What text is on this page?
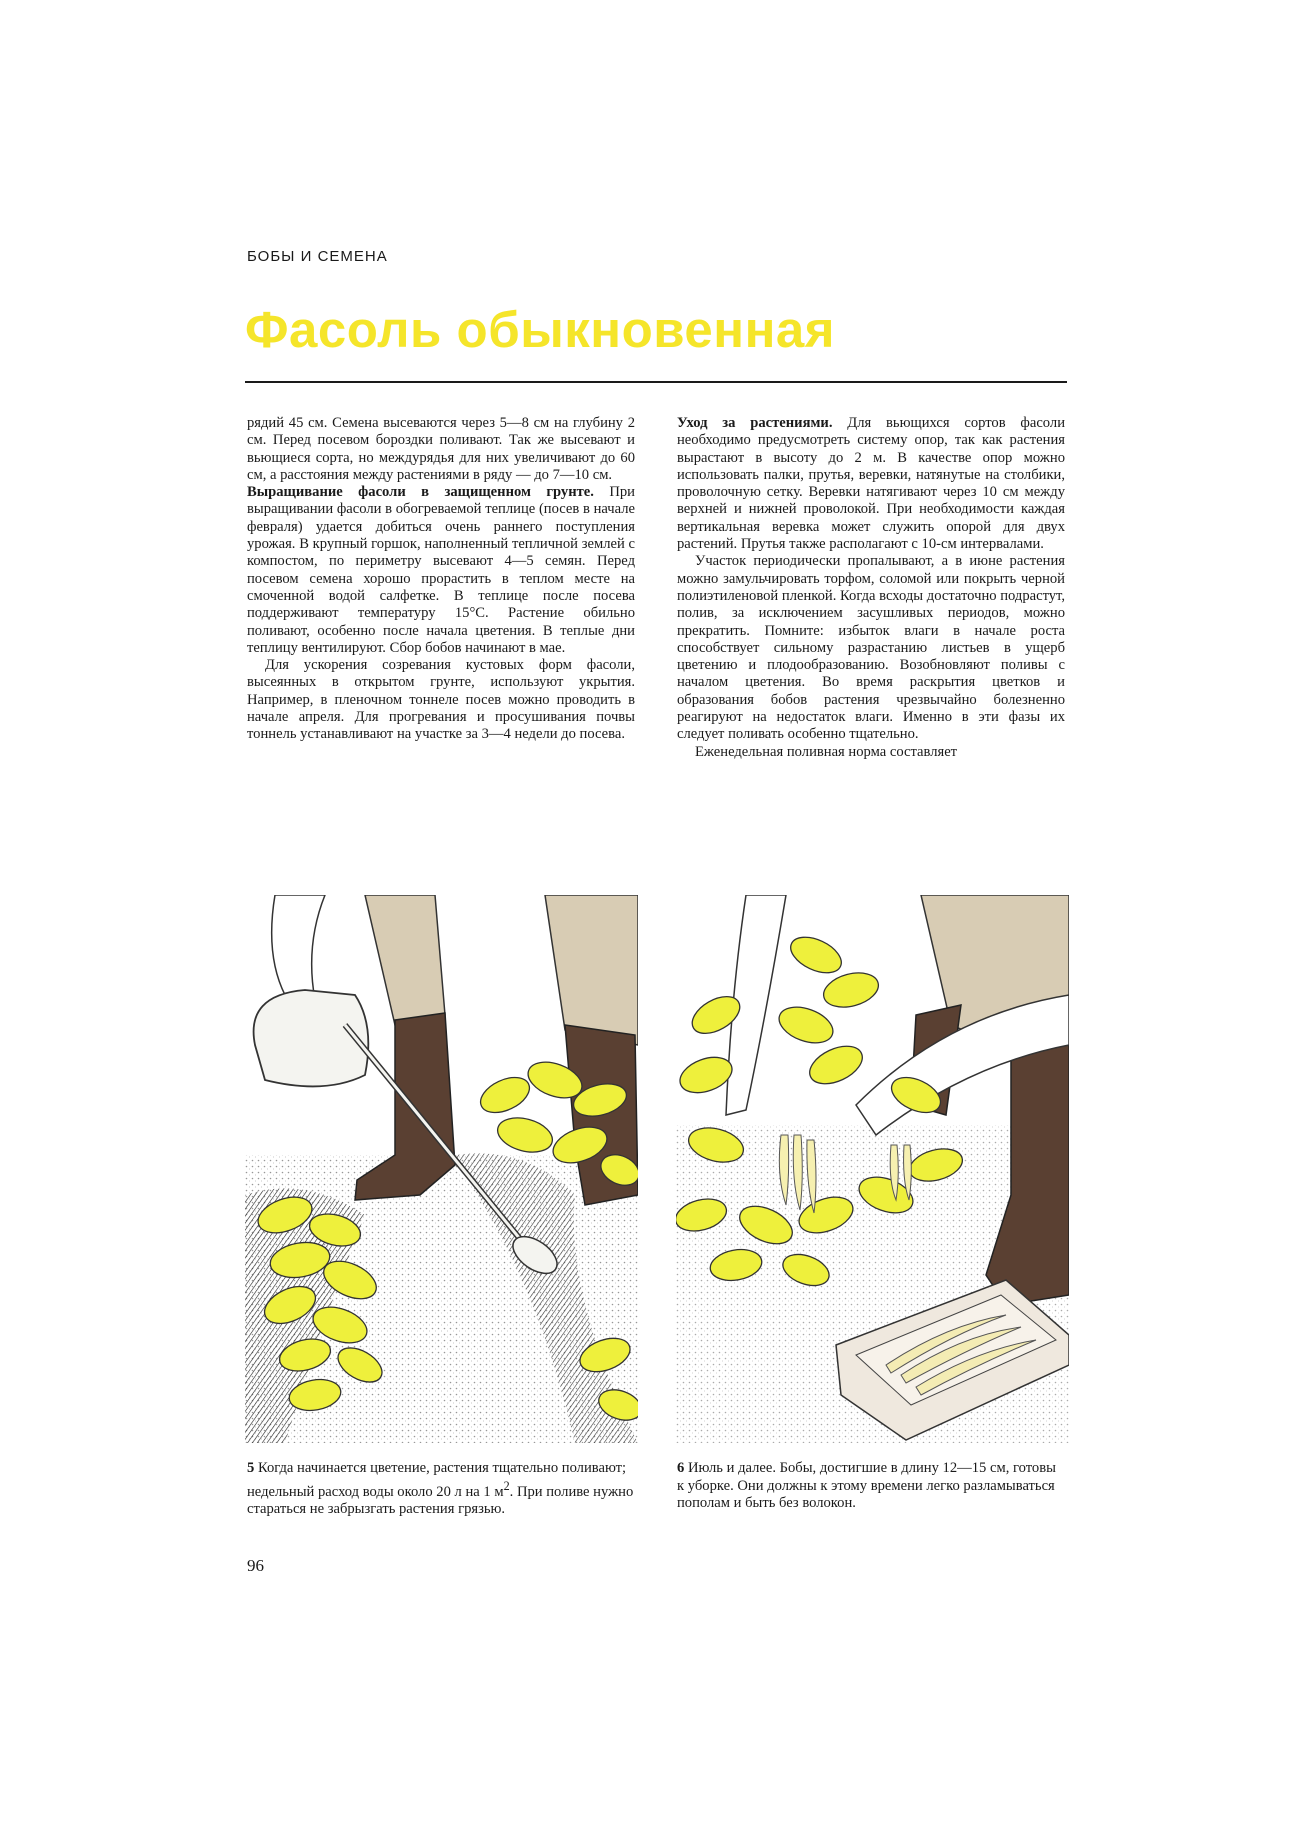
БОБЫ И СЕМЕНА
Фасоль обыкновенная

рядий 45 см. Семена высеваются через 5—8 см на глубину 2 см. Перед посевом бороздки поливают. Так же высевают и вьющиеся сорта, но междурядья для них увеличивают до 60 см, а расстояния между растениями в ряду — до 7—10 см.

Выращивание фасоли в защищенном грунте. При выращивании фасоли в обогреваемой теплице (посев в начале февраля) удается добиться очень раннего поступления урожая. В крупный горшок, наполненный тепличной землей с компостом, по периметру высевают 4—5 семян. Перед посевом семена хорошо прорастить в теплом месте на смоченной водой салфетке. В теплице после посева поддерживают температуру 15°С. Растение обильно поливают, особенно после начала цветения. В теплые дни теплицу вентилируют. Сбор бобов начинают в мае.

Для ускорения созревания кустовых форм фасоли, высеянных в открытом грунте, используют укрытия. Например, в пленочном тоннеле посев можно проводить в начале апреля. Для прогревания и просушивания почвы тоннель устанавливают на участке за 3—4 недели до посева.

Уход за растениями. Для вьющихся сортов фасоли необходимо предусмотреть систему опор, так как растения вырастают в высоту до 2 м. В качестве опор можно использовать палки, прутья, веревки, натянутые на столбики, проволочную сетку. Веревки натягивают через 10 см между верхней и нижней проволокой. При необходимости каждая вертикальная веревка может служить опорой для двух растений. Прутья также располагают с 10-см интервалами.

Участок периодически пропалывают, а в июне растения можно замульчировать торфом, соломой или покрыть черной полиэтиленовой пленкой. Когда всходы достаточно подрастут, полив, за исключением засушливых периодов, можно прекратить. Помните: избыток влаги в начале роста способствует сильному разрастанию листьев в ущерб цветению и плодообразованию. Возобновляют поливы с началом цветения. Во время раскрытия цветков и образования бобов растения чрезвычайно болезненно реагируют на недостаток влаги. Именно в эти фазы их следует поливать особенно тщательно.

Еженедельная поливная норма составляет

5 Когда начинается цветение, растения тщательно поливают; недельный расход воды около 20 л на 1 $м^2$. При поливе нужно стараться не забрызгать растения грязью.
6 Июль и далее. Бобы, достигшие в длину 12—15 см, готовы к уборке. Они должны к этому времени легко разламываться пополам и быть без волокон.
96
